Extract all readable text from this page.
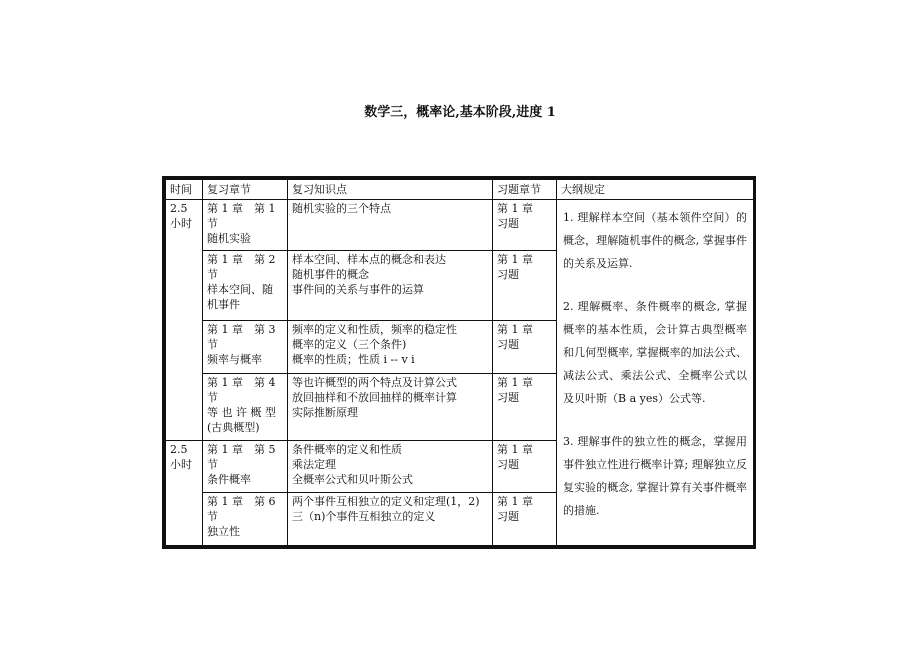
数学三，概率论,基本阶段,进度 1
时间	复习章节	复习知识点	习题章节	大纲规定

2.5
小时	第 1 章　第 1
节
随机实验	随机实验的三个特点	第 1 章
习题	1. 理解样本空间（基本领件空间）的概念，理解随机事件的概念, 掌握事件的关系及运算.
2. 理解概率、条件概率的概念, 掌握概率的基本性质，会计算古典型概率和几何型概率, 掌握概率的加法公式、减法公式、乘法公式、全概率公式以及贝叶斯（B a yes）公式等.
3. 理解事件的独立性的概念，掌握用事件独立性进行概率计算; 理解独立反复实验的概念, 掌握计算有关事件概率的措施.

	第 1 章　第 2
节
样本空间、随
机事件	样本空间、样本点的概念和表达
随机事件的概念
事件间的关系与事件的运算	第 1 章
习题	

	第 1 章　第 3
节
频率与概率	频率的定义和性质，频率的稳定性
概率的定义（三个条件)
概率的性质；性质 i -- v i	第 1 章
习题	

	第 1 章　第 4
节
等 也 许 概 型
(古典概型)	等也许概型的两个特点及计算公式
放回抽样和不放回抽样的概率计算
实际推断原理	第 1 章
习题	

2.5
小时	第 1 章　第 5
节
条件概率	条件概率的定义和性质
乘法定理
全概率公式和贝叶斯公式	第 1 章
习题	

	第 1 章　第 6
节
独立性	两个事件互相独立的定义和定理(1，2)
三（n)个事件互相独立的定义	第 1 章
习题	
